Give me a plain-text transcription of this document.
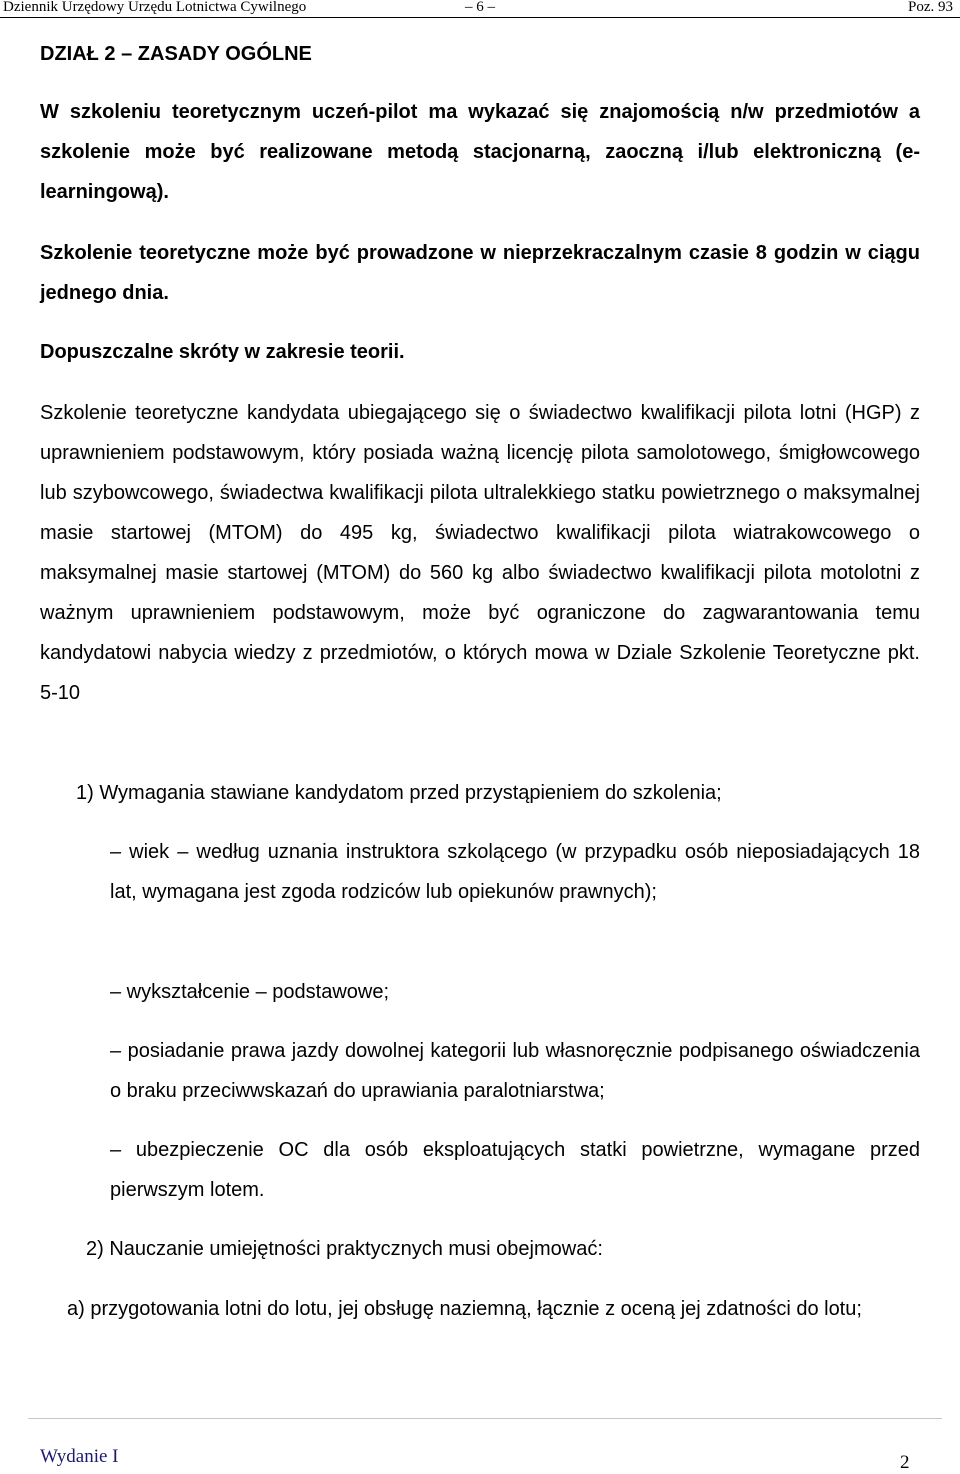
Dziennik Urzędowy Urzędu Lotnictwa Cywilnego	– 6 –	Poz. 93

DZIAŁ 2 – ZASADY OGÓLNE

W szkoleniu teoretycznym uczeń-pilot ma wykazać się znajomością n/w przedmiotów a szkolenie może być realizowane metodą stacjonarną, zaoczną i/lub elektroniczną (e-learningową).

Szkolenie teoretyczne może być prowadzone w nieprzekraczalnym czasie 8 godzin w ciągu jednego dnia.

Dopuszczalne skróty w zakresie teorii.

Szkolenie teoretyczne kandydata ubiegającego się o świadectwo kwalifikacji pilota lotni (HGP) z uprawnieniem podstawowym, który posiada ważną licencję pilota samolotowego, śmigłowcowego lub szybowcowego, świadectwa kwalifikacji pilota ultralekkiego statku powietrznego o maksymalnej masie startowej (MTOM) do 495 kg, świadectwo kwalifikacji pilota wiatrakowcowego o maksymalnej masie startowej (MTOM) do 560 kg albo świadectwo kwalifikacji pilota motolotni z ważnym uprawnieniem podstawowym, może być ograniczone do zagwarantowania temu kandydatowi nabycia wiedzy z przedmiotów, o których mowa w Dziale Szkolenie Teoretyczne pkt. 5-10

1) Wymagania stawiane kandydatom przed przystąpieniem do szkolenia;

– wiek – według uznania instruktora szkolącego (w przypadku osób nieposiadających 18 lat, wymagana jest zgoda rodziców lub opiekunów prawnych);

– wykształcenie – podstawowe;

– posiadanie prawa jazdy dowolnej kategorii lub własnoręcznie podpisanego oświadczenia o braku przeciwwskazań do uprawiania paralotniarstwa;

– ubezpieczenie OC dla osób eksploatujących statki powietrzne, wymagane przed pierwszym lotem.

2) Nauczanie umiejętności praktycznych musi obejmować:

a) przygotowania lotni do lotu, jej obsługę naziemną, łącznie z oceną jej zdatności do lotu;

Wydanie I	2
